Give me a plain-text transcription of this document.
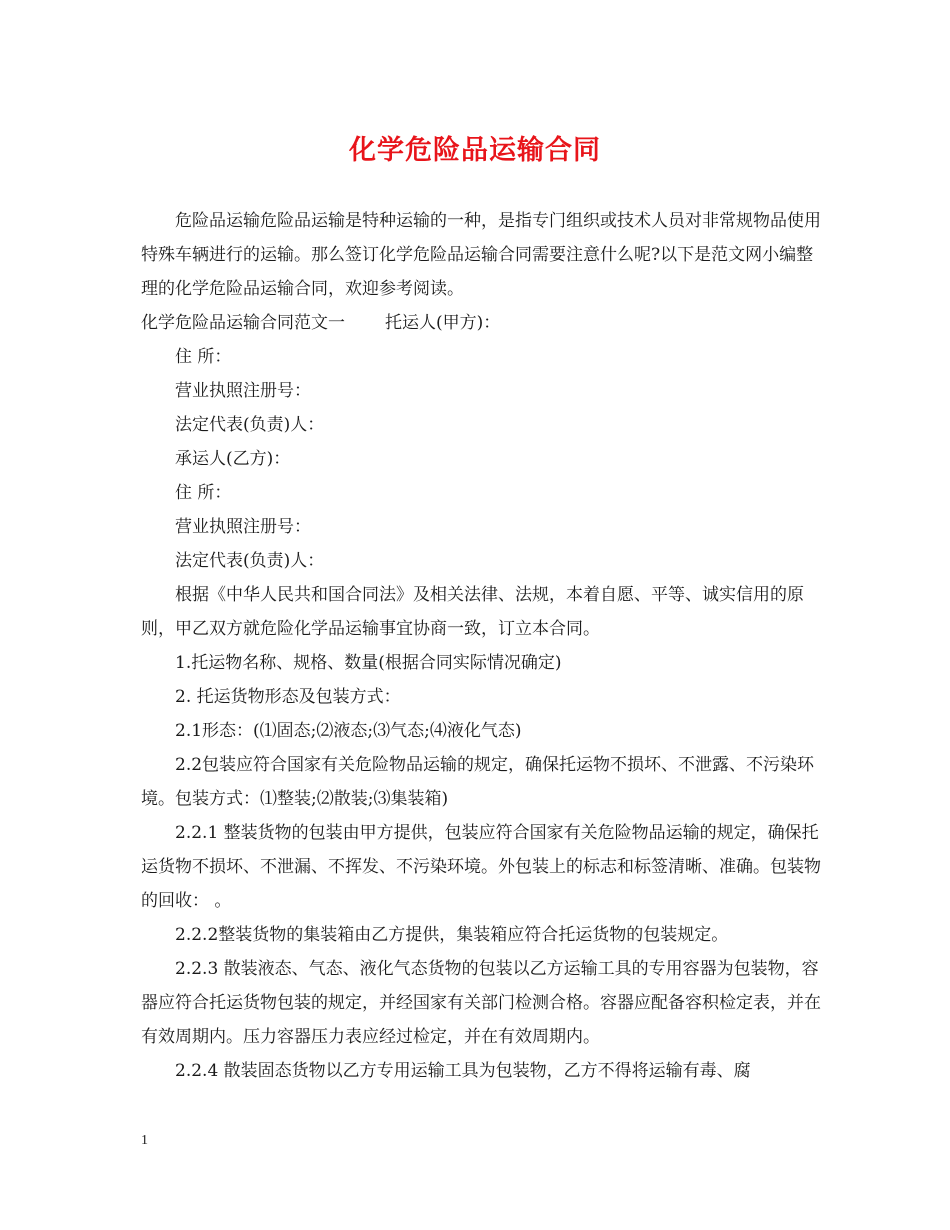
化学危险品运输合同

危险品运输危险品运输是特种运输的一种，是指专门组织或技术人员对非常规物品使用特殊车辆进行的运输。那么签订化学危险品运输合同需要注意什么呢?以下是范文网小编整理的化学危险品运输合同，欢迎参考阅读。

化学危险品运输合同范文一 托运人(甲方)：

住 所：

营业执照注册号：

法定代表(负责)人：

承运人(乙方)：

住 所：

营业执照注册号：

法定代表(负责)人：

根据《中华人民共和国合同法》及相关法律、法规，本着自愿、平等、诚实信用的原则，甲乙双方就危险化学品运输事宜协商一致，订立本合同。

1.托运物名称、规格、数量(根据合同实际情况确定)

2. 托运货物形态及包装方式：

2.1形态：(⑴固态;⑵液态;⑶气态;⑷液化气态)

2.2包装应符合国家有关危险物品运输的规定，确保托运物不损坏、不泄露、不污染环境。包装方式：⑴整装;⑵散装;⑶集装箱)

2.2.1 整装货物的包装由甲方提供，包装应符合国家有关危险物品运输的规定，确保托运货物不损坏、不泄漏、不挥发、不污染环境。外包装上的标志和标签清晰、准确。包装物的回收： 。

2.2.2整装货物的集装箱由乙方提供，集装箱应符合托运货物的包装规定。

2.2.3 散装液态、气态、液化气态货物的包装以乙方运输工具的专用容器为包装物，容器应符合托运货物包装的规定，并经国家有关部门检测合格。容器应配备容积检定表，并在有效周期内。压力容器压力表应经过检定，并在有效周期内。

2.2.4 散装固态货物以乙方专用运输工具为包装物，乙方不得将运输有毒、腐

1
